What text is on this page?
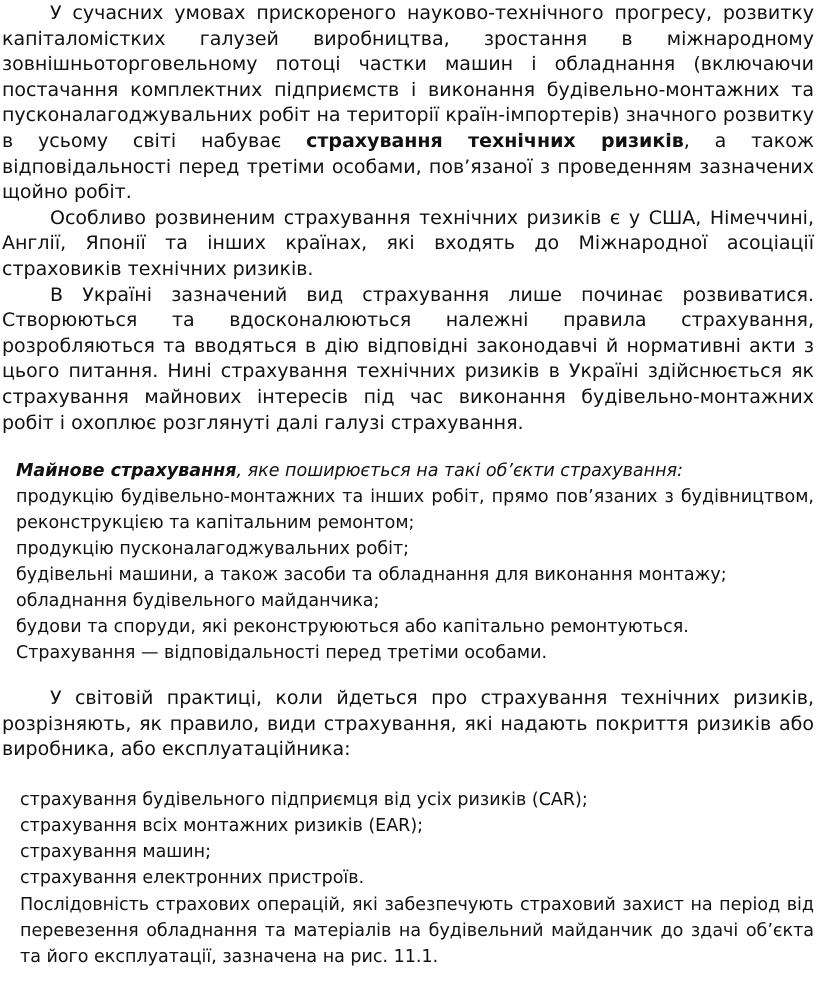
У сучасних умовах прискореного науково-технічного прогресу, розвитку капіталомістких галузей виробництва, зростання в міжнародному зовнішньоторговельному потоці частки машин і обладнання (включаючи постачання комплектних підприємств і виконання будівельно-монтажних та пусконалагоджувальних робіт на території країн-імпортерів) значного розвитку в усьому світі набуває страхування технічних ризиків, а також відповідальності перед третіми особами, пов’язаної з проведенням зазначених щойно робіт.

Особливо розвиненим страхування технічних ризиків є у США, Німеччині, Англії, Японії та інших країнах, які входять до Міжнародної асоціації страховиків технічних ризиків.

В Україні зазначений вид страхування лише починає розвиватися. Створюються та вдосконалюються належні правила страхування, розробляються та вводяться в дію відповідні законодавчі й нормативні акти з цього питання. Нині страхування технічних ризиків в Україні здійснюється як страхування майнових інтересів під час виконання будівельно-монтажних робіт і охоплює розглянуті далі галузі страхування.

Майнове страхування, яке поширюється на такі об’єкти страхування:

продукцію будівельно-монтажних та інших робіт, прямо пов’язаних з будівництвом, реконструкцією та капітальним ремонтом;

продукцію пусконалагоджувальних робіт;

будівельні машини, а також засоби та обладнання для виконання монтажу;

обладнання будівельного майданчика;

будови та споруди, які реконструюються або капітально ремонтуються.

Страхування — відповідальності перед третіми особами.

У світовій практиці, коли йдеться про страхування технічних ризиків, розрізняють, як правило, види страхування, які надають покриття ризиків або виробника, або експлуатаційника:

страхування будівельного підприємця від усіх ризиків (CAR);

страхування всіх монтажних ризиків (EAR);

страхування машин;

страхування електронних пристроїв.

Послідовність страхових операцій, які забезпечують страховий захист на період від перевезення обладнання та матеріалів на будівельний майданчик до здачі об’єкта та його експлуатації, зазначена на рис. 11.1.
